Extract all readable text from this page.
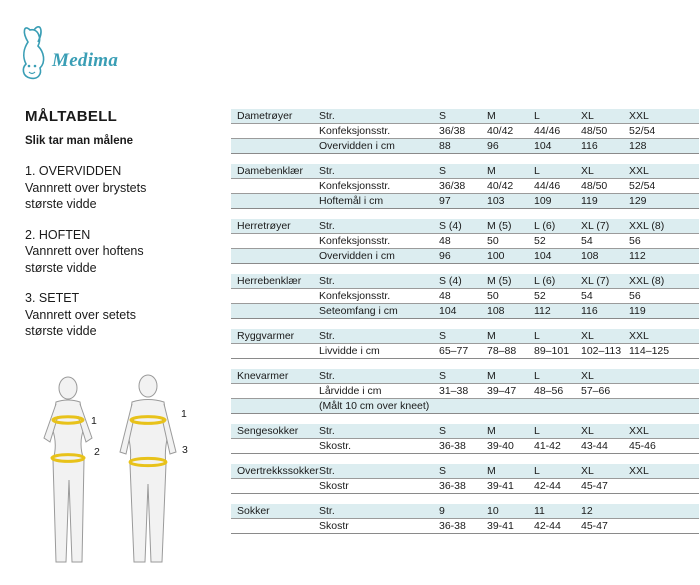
Medima
MÅLTABELL
Slik tar man målene
1. OVERVIDDEN
Vannrett over brystets
største vidde
2. HOFTEN
Vannrett over hoftens
største vidde
3. SETET
Vannrett over setets
største vidde
1
2
1
3
Dametrøyer	Str.	S	M	L	XL	XXL
Konfeksjonsstr.	36/38 40/42 44/46 48/50 52/54
Overvidden i cm	88	96	104	116	128
Damebenklær Str.	S	M	L	XL	XXL
Konfeksjonsstr.	36/38 40/42 44/46 48/50 52/54
Hoftemål i cm	97	103	109	119	129
Herretrøyer	Str.	S (4) M (5) L (6) XL (7) XXL (8)
Konfeksjonsstr.	48	50	52	54	56
Overvidden i cm	96	100	104	108	112
Herrebenklær Str.	S (4) M (5) L (6) XL (7) XXL (8)
Konfeksjonsstr.	48	50	52	54	56
Seteomfang i cm	104	108	112	116	119
Ryggvarmer Str.	S	M	L	XL	XXL
Livvidde i cm	65–77 78–88 89–101 102–113 114–125
Knevarmer	Str.	S	M	L	XL
Lårvidde i cm	31–38 39–47 48–56 57–66
(Målt 10 cm over kneet)
Sengesokker Str.	S	M	L	XL	XXL
Skostr.	36-38 39-40 41-42 43-44 45-46
Overtrekkssokker Str.	S	M	L	XL	XXL
Skostr	36-38 39-41 42-44 45-47
Sokker	Str.	9	10	11	12
Skostr	36-38 39-41 42-44 45-47
